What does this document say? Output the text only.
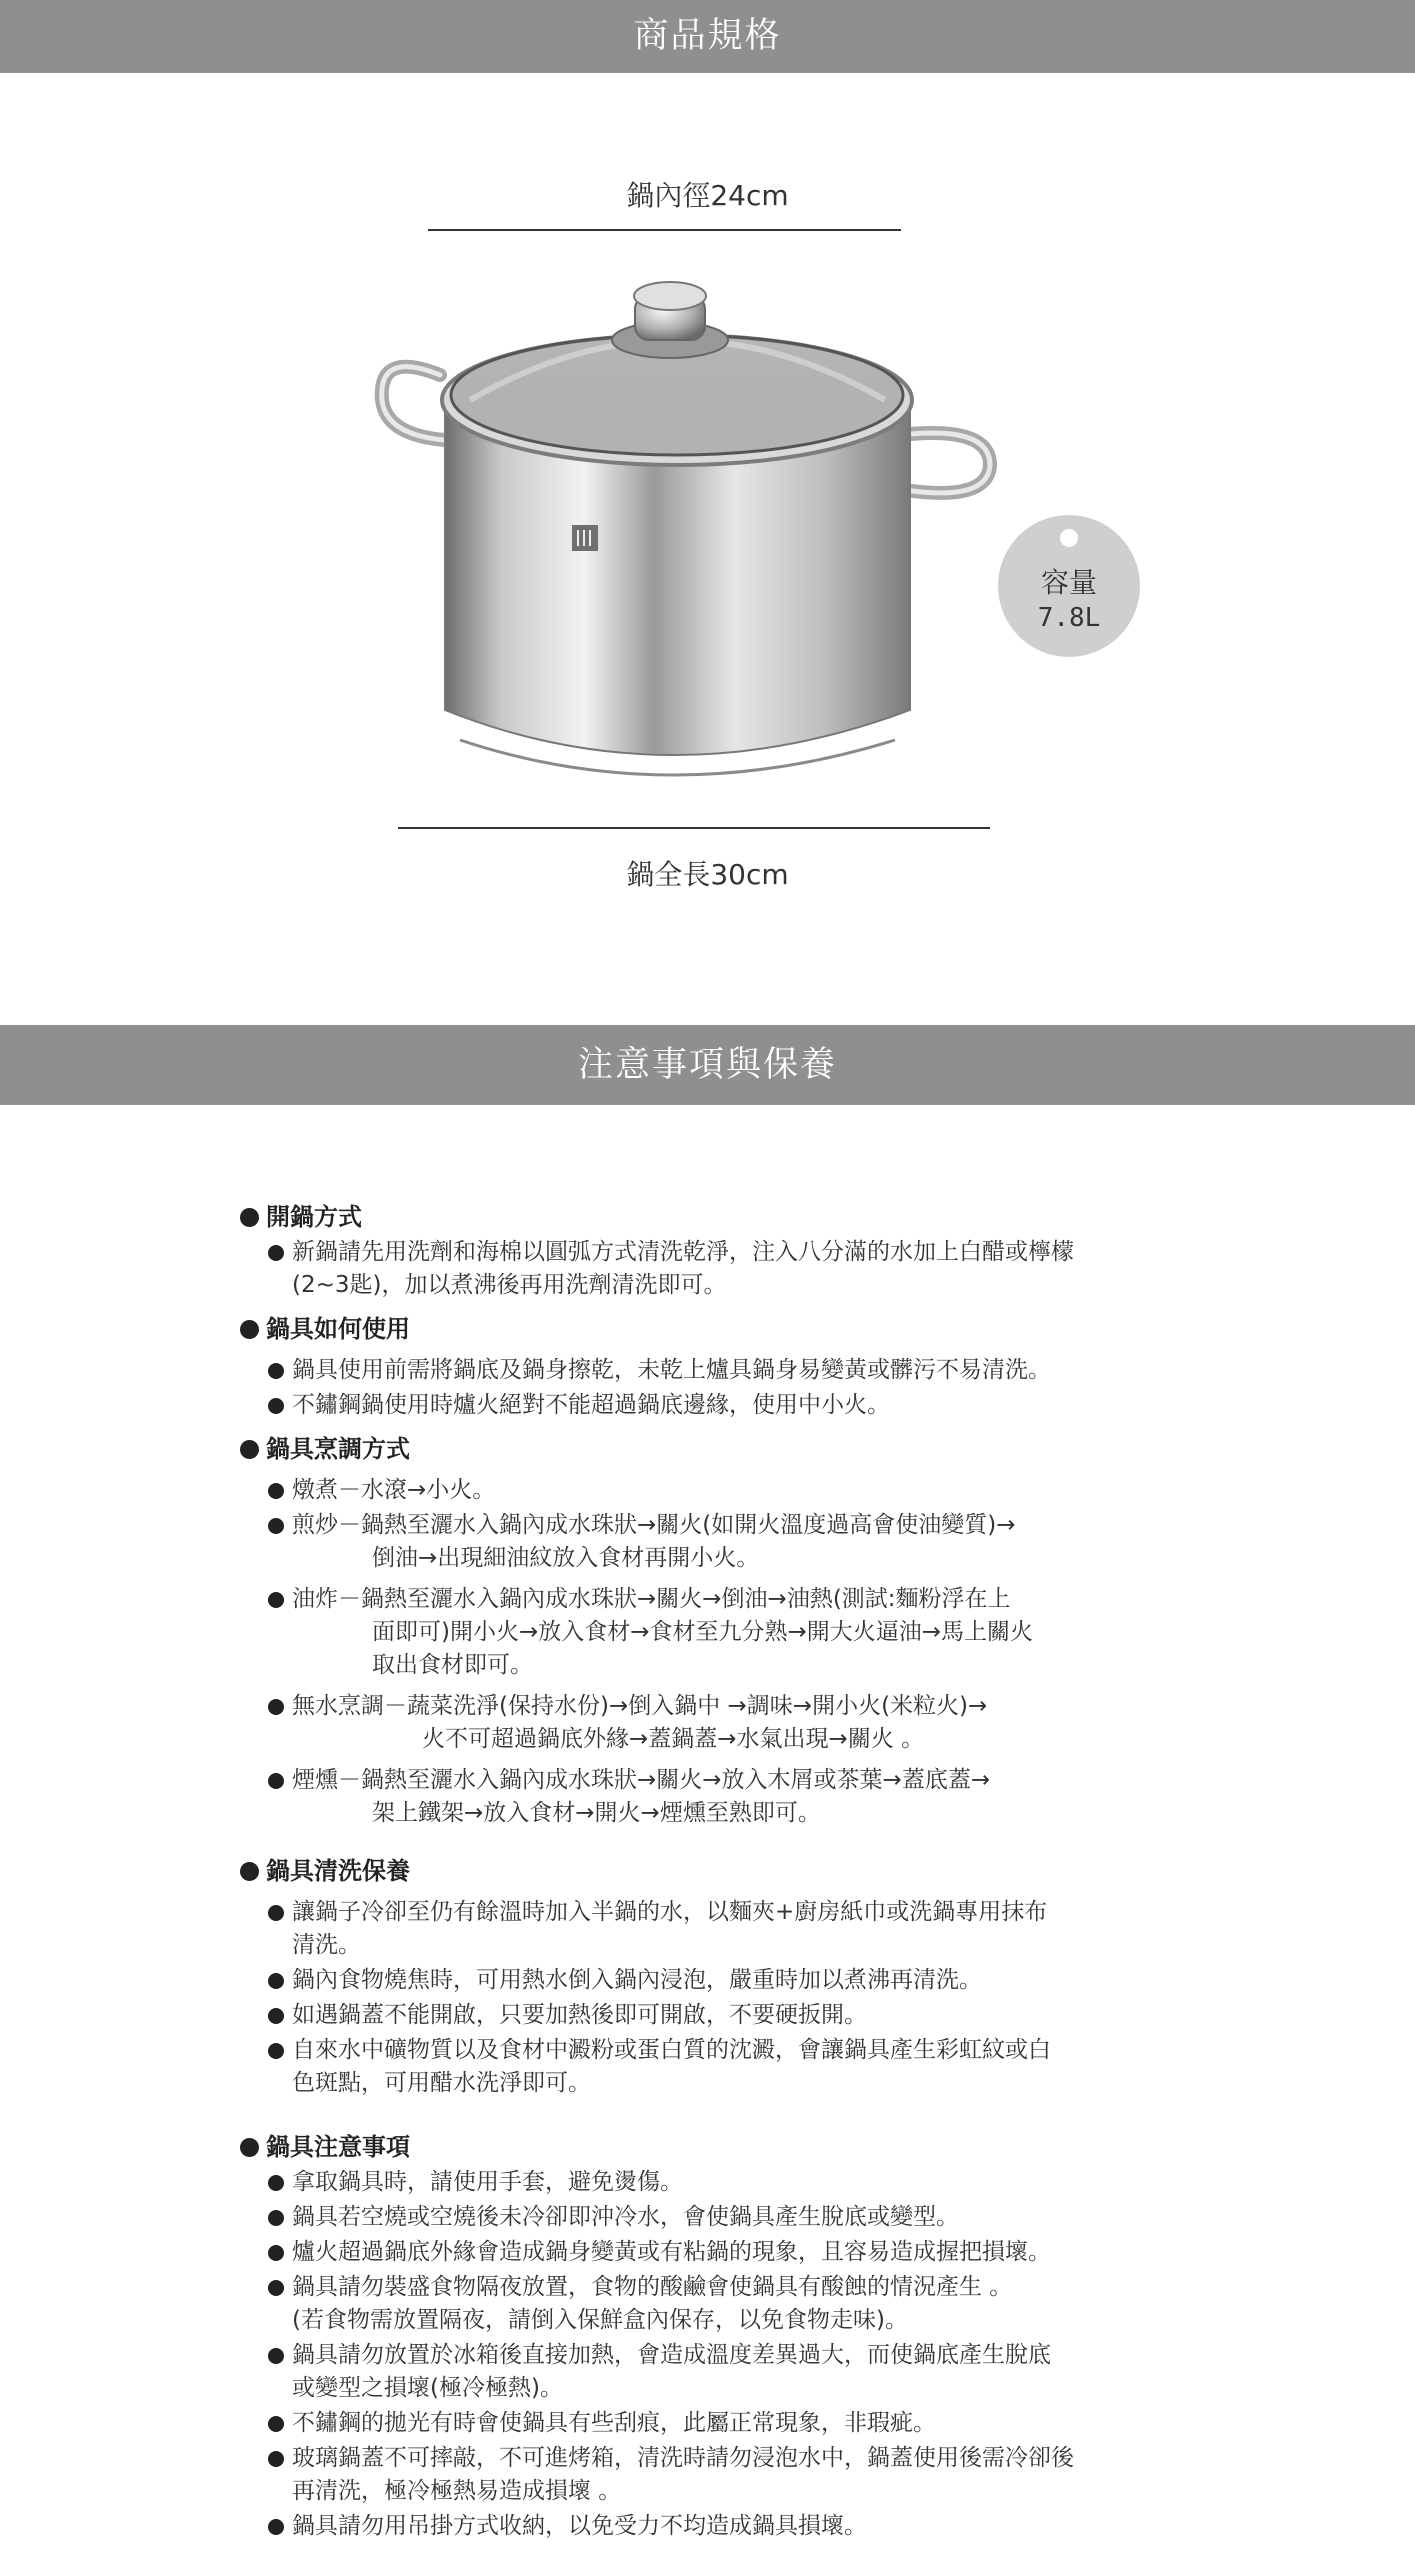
商品規格
鍋內徑24cm
容量
7.8L
鍋全長30cm
注意事項與保養
開鍋方式
新鍋請先用洗劑和海棉以圓弧方式清洗乾淨，注入八分滿的水加上白醋或檸檬
(2~3匙)，加以煮沸後再用洗劑清洗即可。
鍋具如何使用
鍋具使用前需將鍋底及鍋身擦乾，未乾上爐具鍋身易變黃或髒污不易清洗。
不鏽鋼鍋使用時爐火絕對不能超過鍋底邊緣，使用中小火。
鍋具烹調方式
燉煮－水滾→小火。
煎炒－鍋熱至灑水入鍋內成水珠狀→關火(如開火溫度過高會使油變質)→
倒油→出現細油紋放入食材再開小火。
油炸－鍋熱至灑水入鍋內成水珠狀→關火→倒油→油熱(測試:麵粉浮在上
面即可)開小火→放入食材→食材至九分熟→開大火逼油→馬上關火
取出食材即可。
無水烹調－蔬菜洗淨(保持水份)→倒入鍋中 →調味→開小火(米粒火)→
火不可超過鍋底外緣→蓋鍋蓋→水氣出現→關火 。
煙燻－鍋熱至灑水入鍋內成水珠狀→關火→放入木屑或茶葉→蓋底蓋→
架上鐵架→放入食材→開火→煙燻至熟即可。
鍋具清洗保養
讓鍋子冷卻至仍有餘溫時加入半鍋的水，以麵夾+廚房紙巾或洗鍋專用抹布
清洗。
鍋內食物燒焦時，可用熱水倒入鍋內浸泡，嚴重時加以煮沸再清洗。
如遇鍋蓋不能開啟，只要加熱後即可開啟，不要硬扳開。
自來水中礦物質以及食材中澱粉或蛋白質的沈澱，會讓鍋具產生彩虹紋或白
色斑點，可用醋水洗淨即可。
鍋具注意事項
拿取鍋具時，請使用手套，避免燙傷。
鍋具若空燒或空燒後未冷卻即沖冷水，會使鍋具產生脫底或變型。
爐火超過鍋底外緣會造成鍋身變黃或有粘鍋的現象，且容易造成握把損壞。
鍋具請勿裝盛食物隔夜放置，食物的酸鹼會使鍋具有酸蝕的情況產生 。
(若食物需放置隔夜，請倒入保鮮盒內保存，以免食物走味)。
鍋具請勿放置於冰箱後直接加熱，會造成溫度差異過大，而使鍋底產生脫底
或變型之損壞(極冷極熱)。
不鏽鋼的拋光有時會使鍋具有些刮痕，此屬正常現象，非瑕疵。
玻璃鍋蓋不可摔敲，不可進烤箱，清洗時請勿浸泡水中，鍋蓋使用後需冷卻後
再清洗，極冷極熱易造成損壞 。
鍋具請勿用吊掛方式收納，以免受力不均造成鍋具損壞。
